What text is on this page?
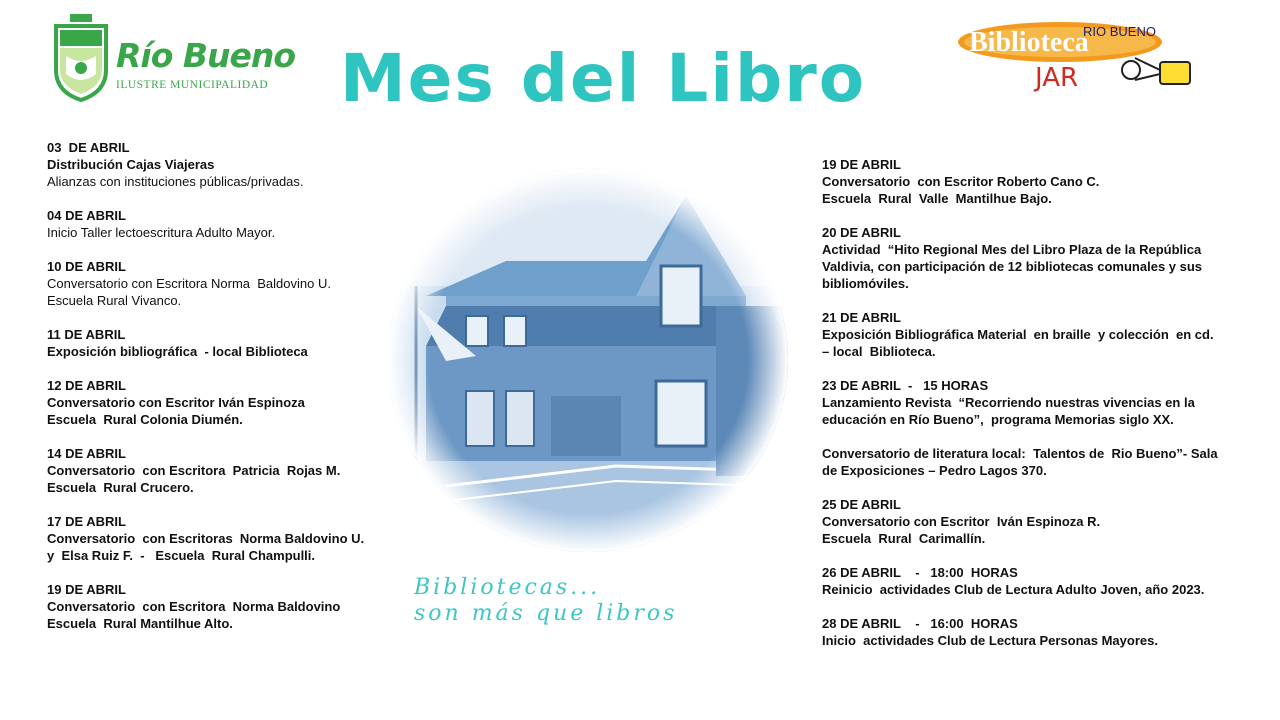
Río Bueno
ILUSTRE MUNICIPALIDAD Mes del Libro	Biblioteca
RIO BUENO
JAR
03  DE ABRIL
Distribución Cajas Viajeras
Alianzas con instituciones públicas/privadas.
04 DE ABRIL
Inicio Taller lectoescritura Adulto Mayor.
10 DE ABRIL
Conversatorio con Escritora Norma  Baldovino U.
Escuela Rural Vivanco.
11 DE ABRIL
Exposición bibliográfica  - local Biblioteca
12 DE ABRIL
Conversatorio con Escritor Iván Espinoza
Escuela  Rural Colonia Diumén.
14 DE ABRIL
Conversatorio  con Escritora  Patricia  Rojas M.
Escuela  Rural Crucero.
17 DE ABRIL
Conversatorio  con Escritoras  Norma Baldovino U.
y  Elsa Ruiz F.  -   Escuela  Rural Champulli.
19 DE ABRIL
Conversatorio  con Escritora  Norma Baldovino
Escuela  Rural Mantilhue Alto.
Bibliotecas...
son más que libros
19 DE ABRIL
Conversatorio  con Escritor Roberto Cano C.
Escuela  Rural  Valle  Mantilhue Bajo.
20 DE ABRIL
Actividad  “Hito Regional Mes del Libro Plaza de la República Valdivia, con participación de 12 bibliotecas comunales y sus bibliomóviles.
21 DE ABRIL
Exposición Bibliográfica Material  en braille  y colección  en cd. – local  Biblioteca.
23 DE ABRIL  -   15 HORAS
Lanzamiento Revista  “Recorriendo nuestras vivencias en la educación en Río Bueno”,  programa Memorias siglo XX.
Conversatorio de literatura local:  Talentos de  Rio Bueno”- Sala de Exposiciones – Pedro Lagos 370.
25 DE ABRIL
Conversatorio con Escritor  Iván Espinoza R.
Escuela  Rural  Carimallín.
26 DE ABRIL    -   18:00  HORAS
Reinicio  actividades Club de Lectura Adulto Joven, año 2023.
28 DE ABRIL    -   16:00  HORAS
Inicio  actividades Club de Lectura Personas Mayores.
